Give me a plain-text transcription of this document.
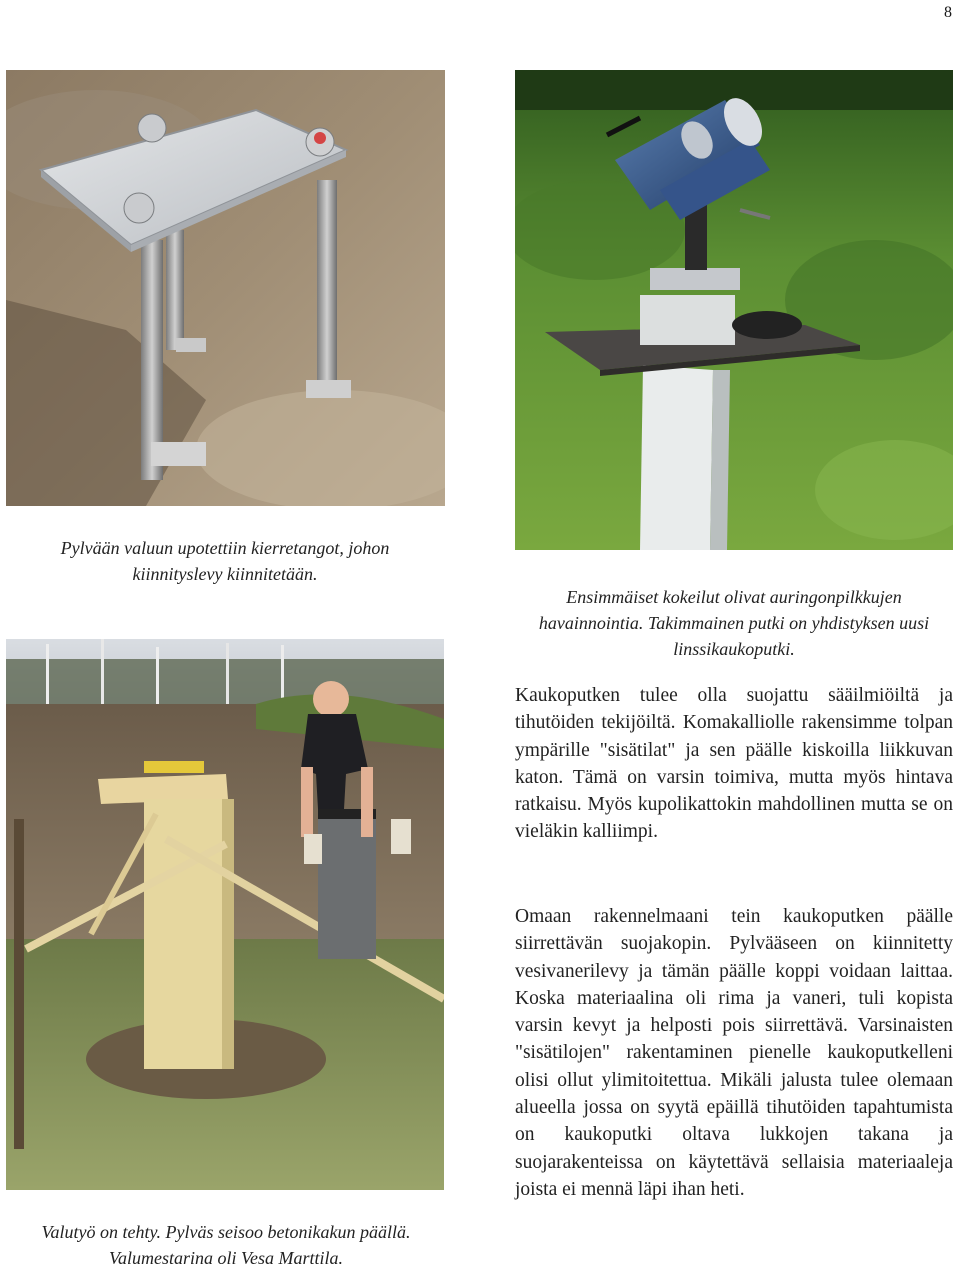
8
Pylvään valuun upotettiin kierretangot, johon kiinnityslevy kiinnitetään.
Ensimmäiset kokeilut olivat auringonpilkkujen havainnointia. Takimmainen putki on yhdistyksen uusi linssikaukoputki.
Valutyö on tehty. Pylväs seisoo betonikakun päällä. Valumestarina oli Vesa Marttila.
Kaukoputken tulee olla suojattu sääilmiöiltä ja tihutöiden tekijöiltä. Komakalliolle rakensimme tolpan ympärille "sisätilat" ja sen päälle kiskoilla liikkuvan katon. Tämä on varsin toimiva, mutta myös hintava ratkaisu. Myös kupolikattokin mahdollinen mutta se on vieläkin kalliimpi.
Omaan rakennelmaani tein kaukoputken päälle siirrettävän suojakopin. Pylvääseen on kiinnitetty vesivanerilevy ja tämän päälle koppi voidaan laittaa. Koska materiaalina oli rima ja vaneri, tuli kopista varsin kevyt ja helposti pois siirrettävä. Varsinaisten "sisätilojen" rakentaminen pienelle kaukoputkelleni olisi ollut ylimitoitettua. Mikäli jalusta tulee olemaan alueella jossa on syytä epäillä tihutöiden tapahtumista on kaukoputki oltava lukkojen takana ja suojarakenteissa on käytettävä sellaisia materiaaleja joista ei mennä läpi ihan heti.
